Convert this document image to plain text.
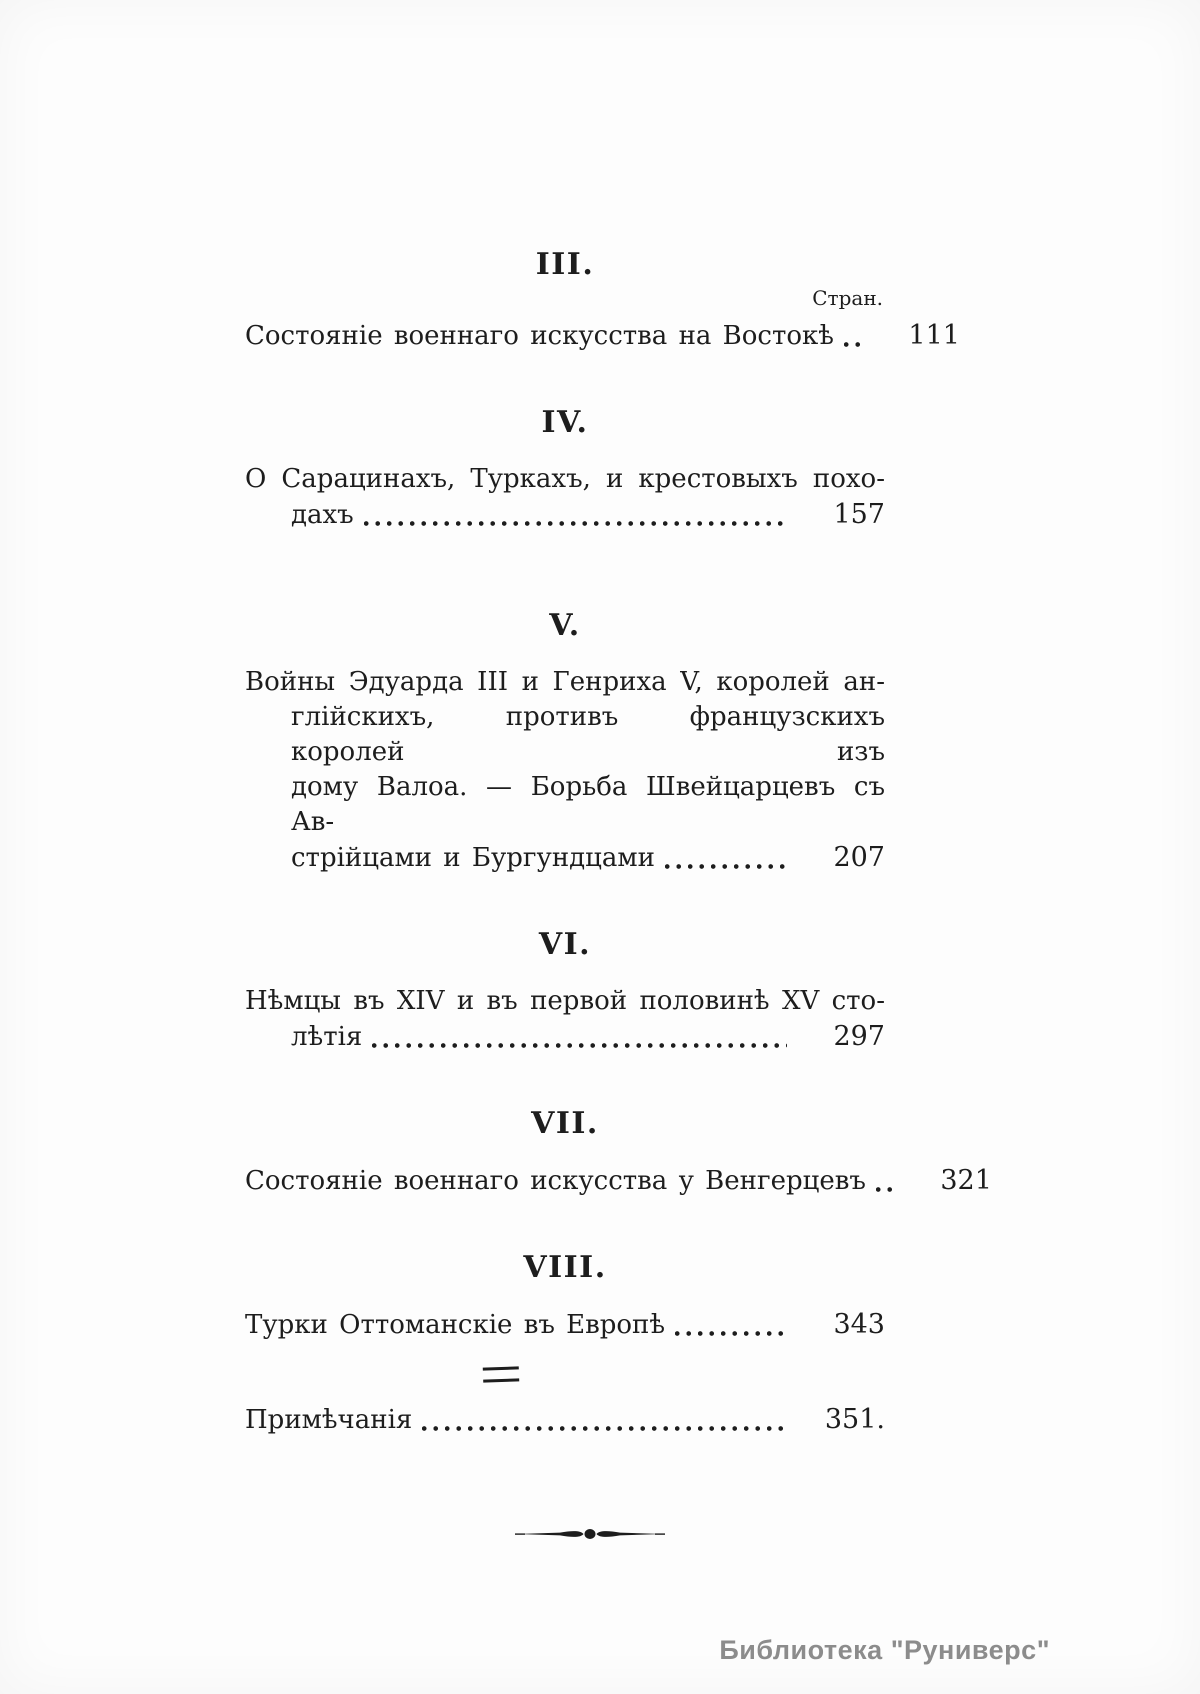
III.
Стран.
Состояніе военнаго искусства на Востокѣ	111
IV.
О Сарацинахъ, Туркахъ, и крестовыхъ похо-
дахъ	157
V.
Войны Эдуарда III и Генриха V, королей ан-
глійскихъ, противъ французскихъ королей изъ
дому Валоа. — Борьба Швейцарцевъ съ Ав-
стрійцами и Бургундцами	207
VI.
Нѣмцы въ XIV и въ первой половинѣ XV сто-
лѣтія	297
VII.
Состояніе военнаго искусства у Венгерцевъ	321
VIII.
Турки Оттоманскіе въ Европѣ	343
Примѣчанія	351.
Библиотека "Руниверс"
